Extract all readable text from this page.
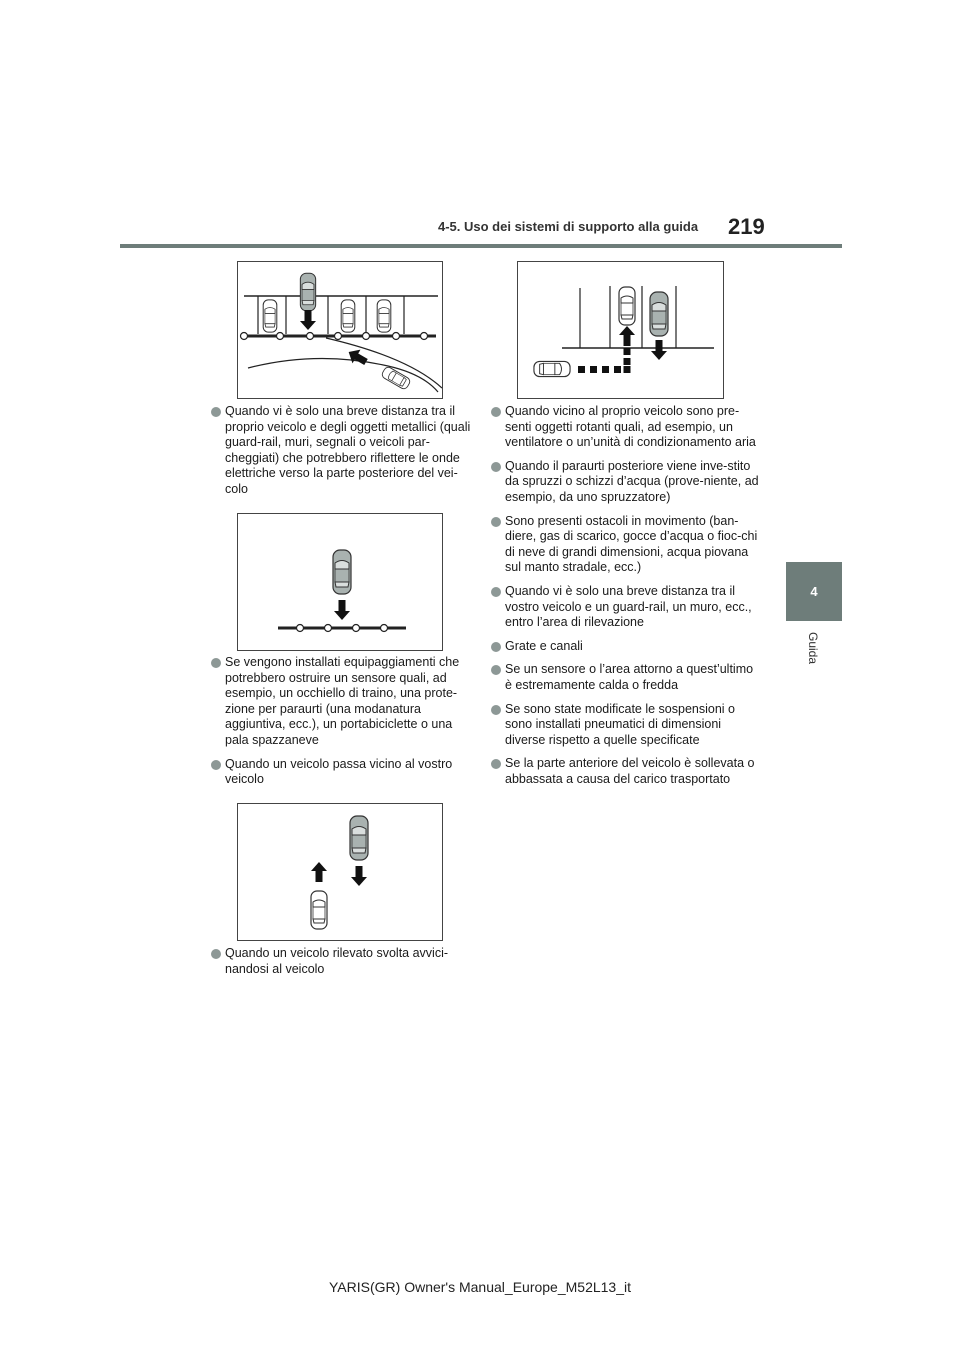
4-5. Uso dei sistemi di supporto alla guida 219
4
Guida
Quando vi è solo una breve distanza tra il proprio veicolo e degli oggetti metallici (quali guard-rail, muri, segnali o veicoli par-cheggiati) che potrebbero riflettere le onde elettriche verso la parte posteriore del vei-colo
Se vengono installati equipaggiamenti che potrebbero ostruire un sensore quali, ad esempio, un occhiello di traino, una prote-zione per paraurti (una modanatura aggiuntiva, ecc.), un portabiciclette o una pala spazzaneve
Quando un veicolo passa vicino al vostro veicolo
Quando un veicolo rilevato svolta avvici-nandosi al veicolo
Quando vicino al proprio veicolo sono pre-senti oggetti rotanti quali, ad esempio, un ventilatore o un’unità di condizionamento aria
Quando il paraurti posteriore viene inve-stito da spruzzi o schizzi d’acqua (prove-niente, ad esempio, da uno spruzzatore)
Sono presenti ostacoli in movimento (ban-diere, gas di scarico, gocce d’acqua o fioc-chi di neve di grandi dimensioni, acqua piovana sul manto stradale, ecc.)
Quando vi è solo una breve distanza tra il vostro veicolo e un guard-rail, un muro, ecc., entro l’area di rilevazione
Grate e canali
Se un sensore o l’area attorno a quest’ultimo è estremamente calda o fredda
Se sono state modificate le sospensioni o sono installati pneumatici di dimensioni diverse rispetto a quelle specificate
Se la parte anteriore del veicolo è sollevata o abbassata a causa del carico trasportato
YARIS(GR) Owner's Manual_Europe_M52L13_it
